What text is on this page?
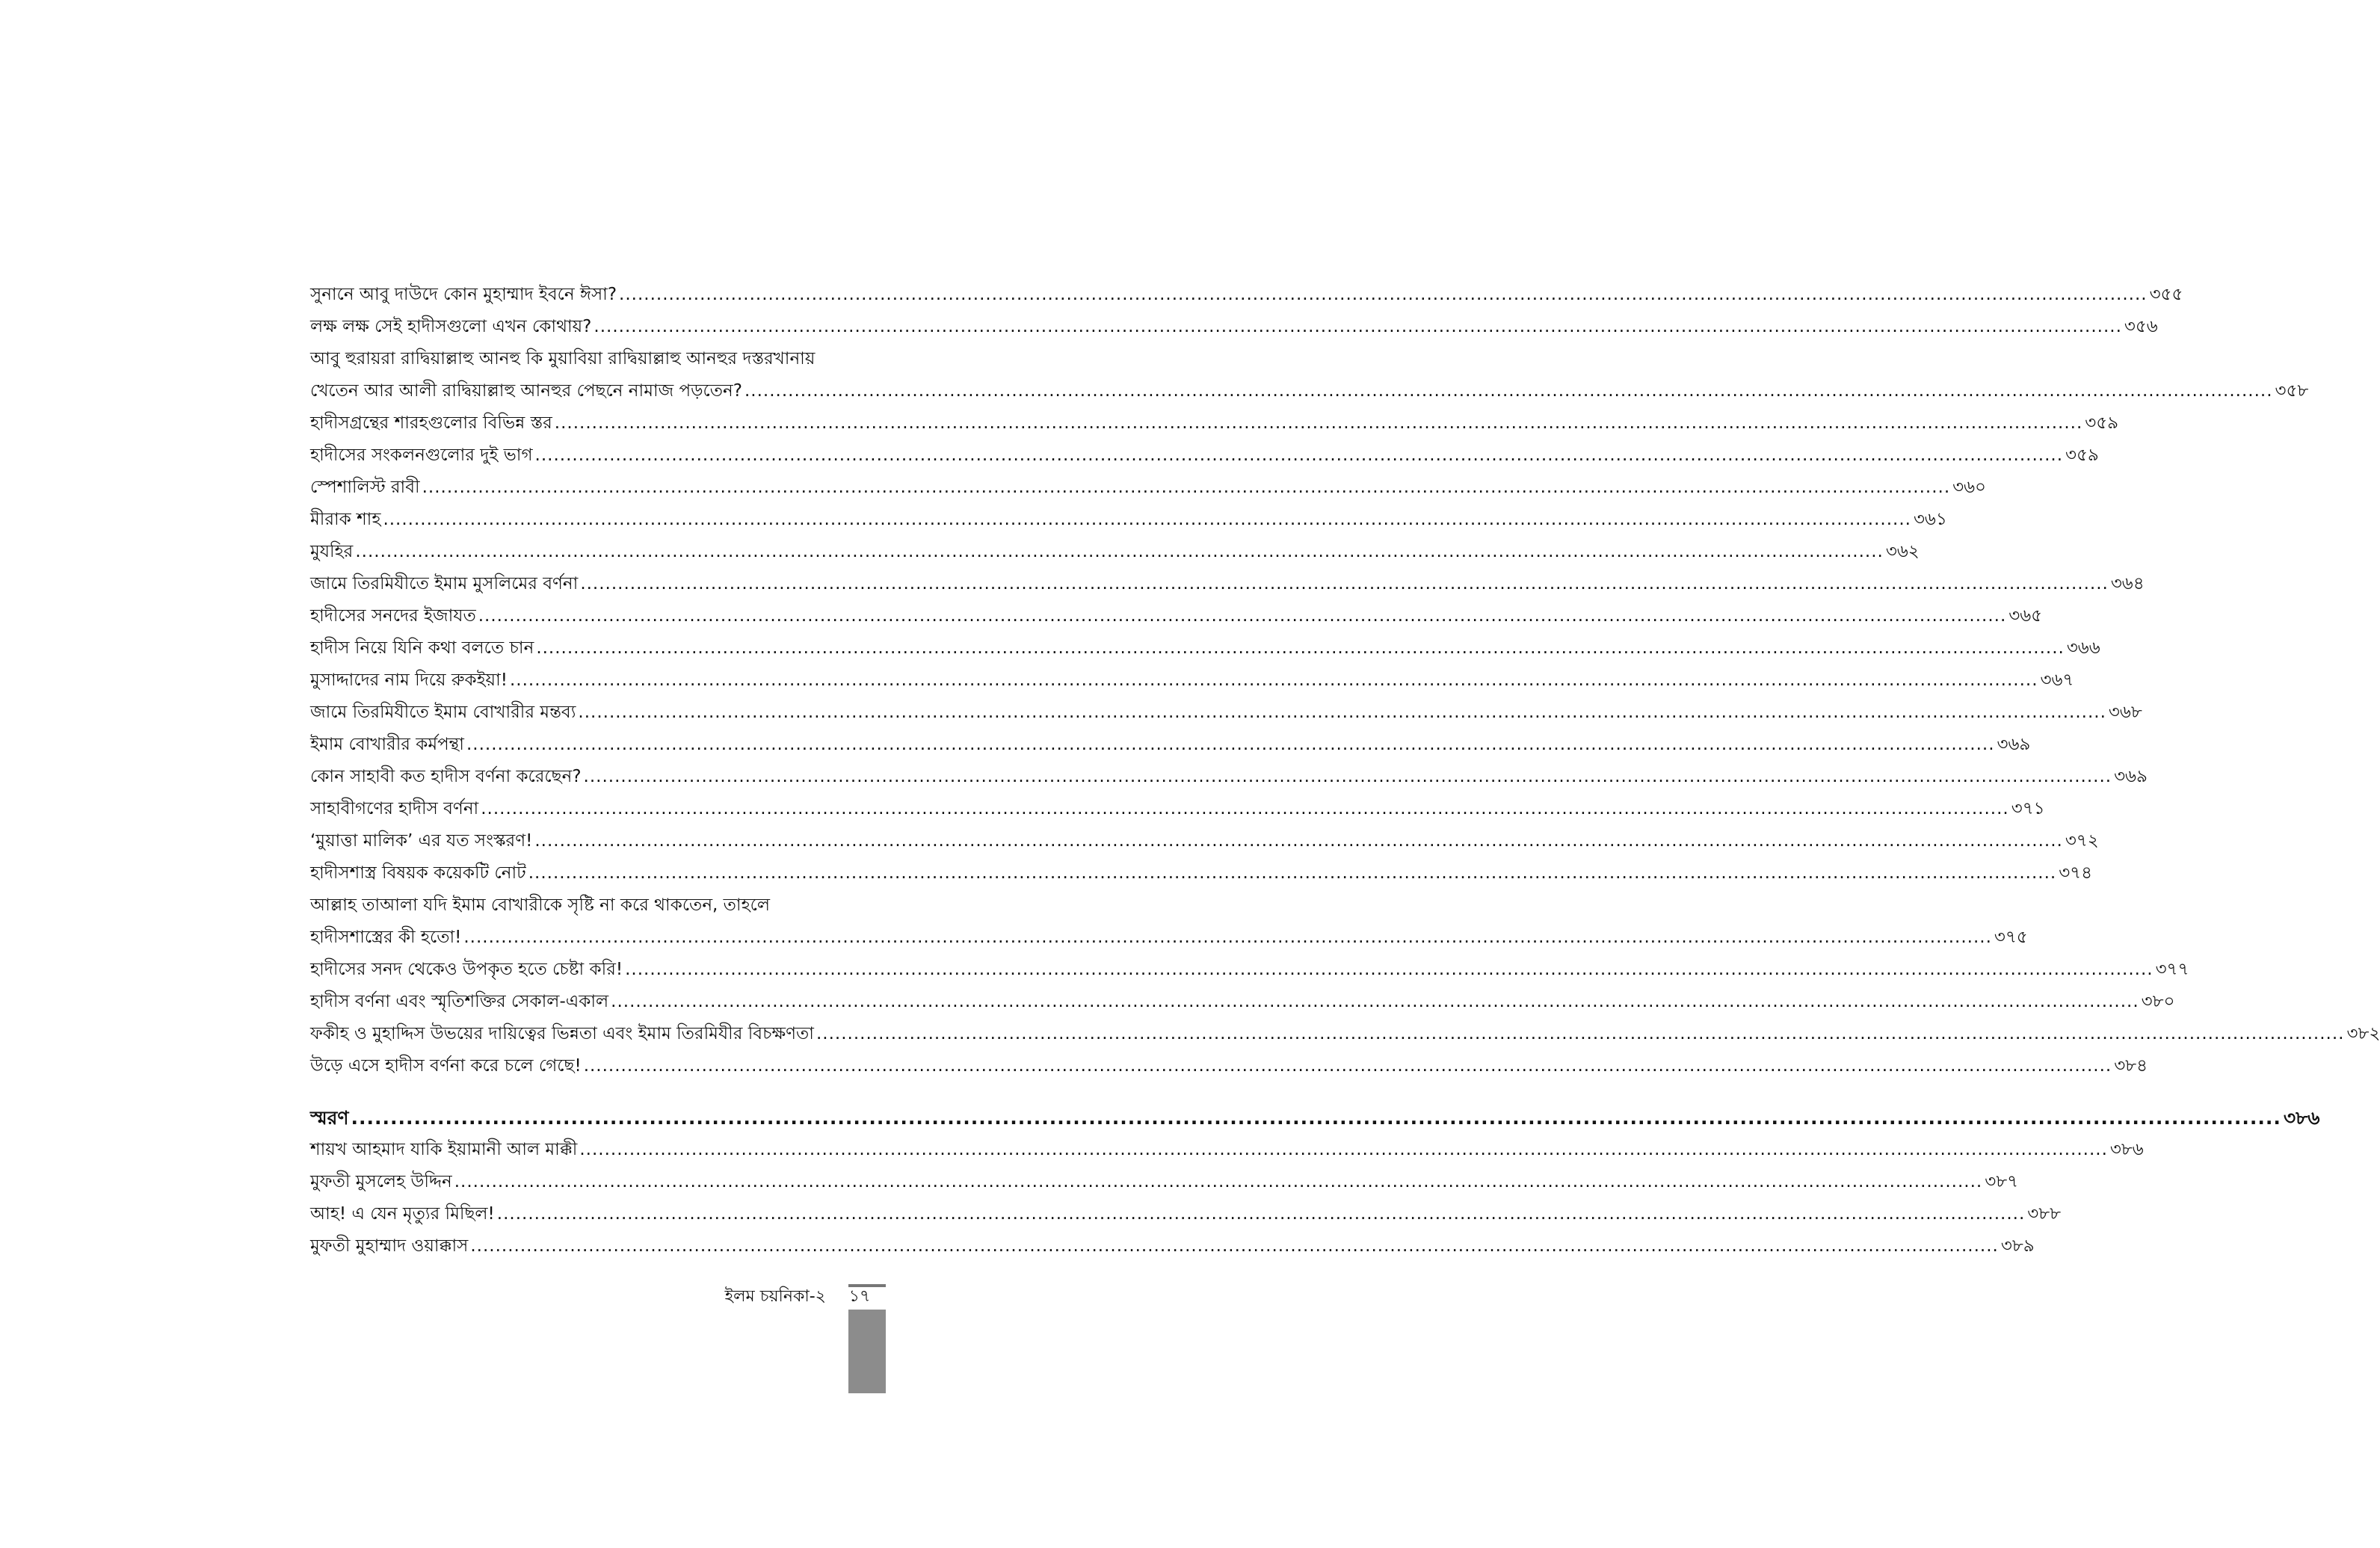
সুনানে আবু দাউদে কোন মুহাম্মাদ ইবনে ঈসা? .....	৩৫৫
লক্ষ লক্ষ সেই হাদীসগুলো এখন কোথায়? .....	৩৫৬
আবু হুরায়রা রাদ্বিয়াল্লাহু আনহু কি মুয়াবিয়া রাদ্বিয়াল্লাহু আনহুর দস্তরখানায়
খেতেন আর আলী রাদ্বিয়াল্লাহু আনহুর পেছনে নামাজ পড়তেন? .....	৩৫৮
হাদীসগ্রন্থের শারহগুলোর বিভিন্ন স্তর .....	৩৫৯
হাদীসের সংকলনগুলোর দুই ভাগ .....	৩৫৯
স্পেশালিস্ট রাবী .....	৩৬০
মীরাক শাহ .....	৩৬১
মুযহির .....	৩৬২
জামে তিরমিযীতে ইমাম মুসলিমের বর্ণনা .....	৩৬৪
হাদীসের সনদের ইজাযত .....	৩৬৫
হাদীস নিয়ে যিনি কথা বলতে চান .....	৩৬৬
মুসাদ্দাদের নাম দিয়ে রুকইয়া! .....	৩৬৭
জামে তিরমিযীতে ইমাম বোখারীর মন্তব্য .....	৩৬৮
ইমাম বোখারীর কর্মপন্থা .....	৩৬৯
কোন সাহাবী কত হাদীস বর্ণনা করেছেন? .....	৩৬৯
সাহাবীগণের হাদীস বর্ণনা .....	৩৭১
‘মুয়াত্তা মালিক’ এর যত সংস্করণ! .....	৩৭২
হাদীসশাস্ত্র বিষয়ক কয়েকটি নোট .....	৩৭৪
আল্লাহ তাআলা যদি ইমাম বোখারীকে সৃষ্টি না করে থাকতেন, তাহলে
হাদীসশাস্ত্রের কী হতো! .....	৩৭৫
হাদীসের সনদ থেকেও উপকৃত হতে চেষ্টা করি! .....	৩৭৭
হাদীস বর্ণনা এবং স্মৃতিশক্তির সেকাল-একাল .....	৩৮০
ফকীহ ও মুহাদ্দিস উভয়ের দায়িত্বের ভিন্নতা এবং ইমাম তিরমিযীর বিচক্ষণতা .....	৩৮২
উড়ে এসে হাদীস বর্ণনা করে চলে গেছে! .....	৩৮৪
স্মরণ .....	৩৮৬
শায়খ আহমাদ যাকি ইয়ামানী আল মাক্কী .....	৩৮৬
মুফতী মুসলেহ উদ্দিন .....	৩৮৭
আহ! এ যেন মৃত্যুর মিছিল! .....	৩৮৮
মুফতী মুহাম্মাদ ওয়াক্কাস .....	৩৮৯
ইলম চয়নিকা-২	১৭
